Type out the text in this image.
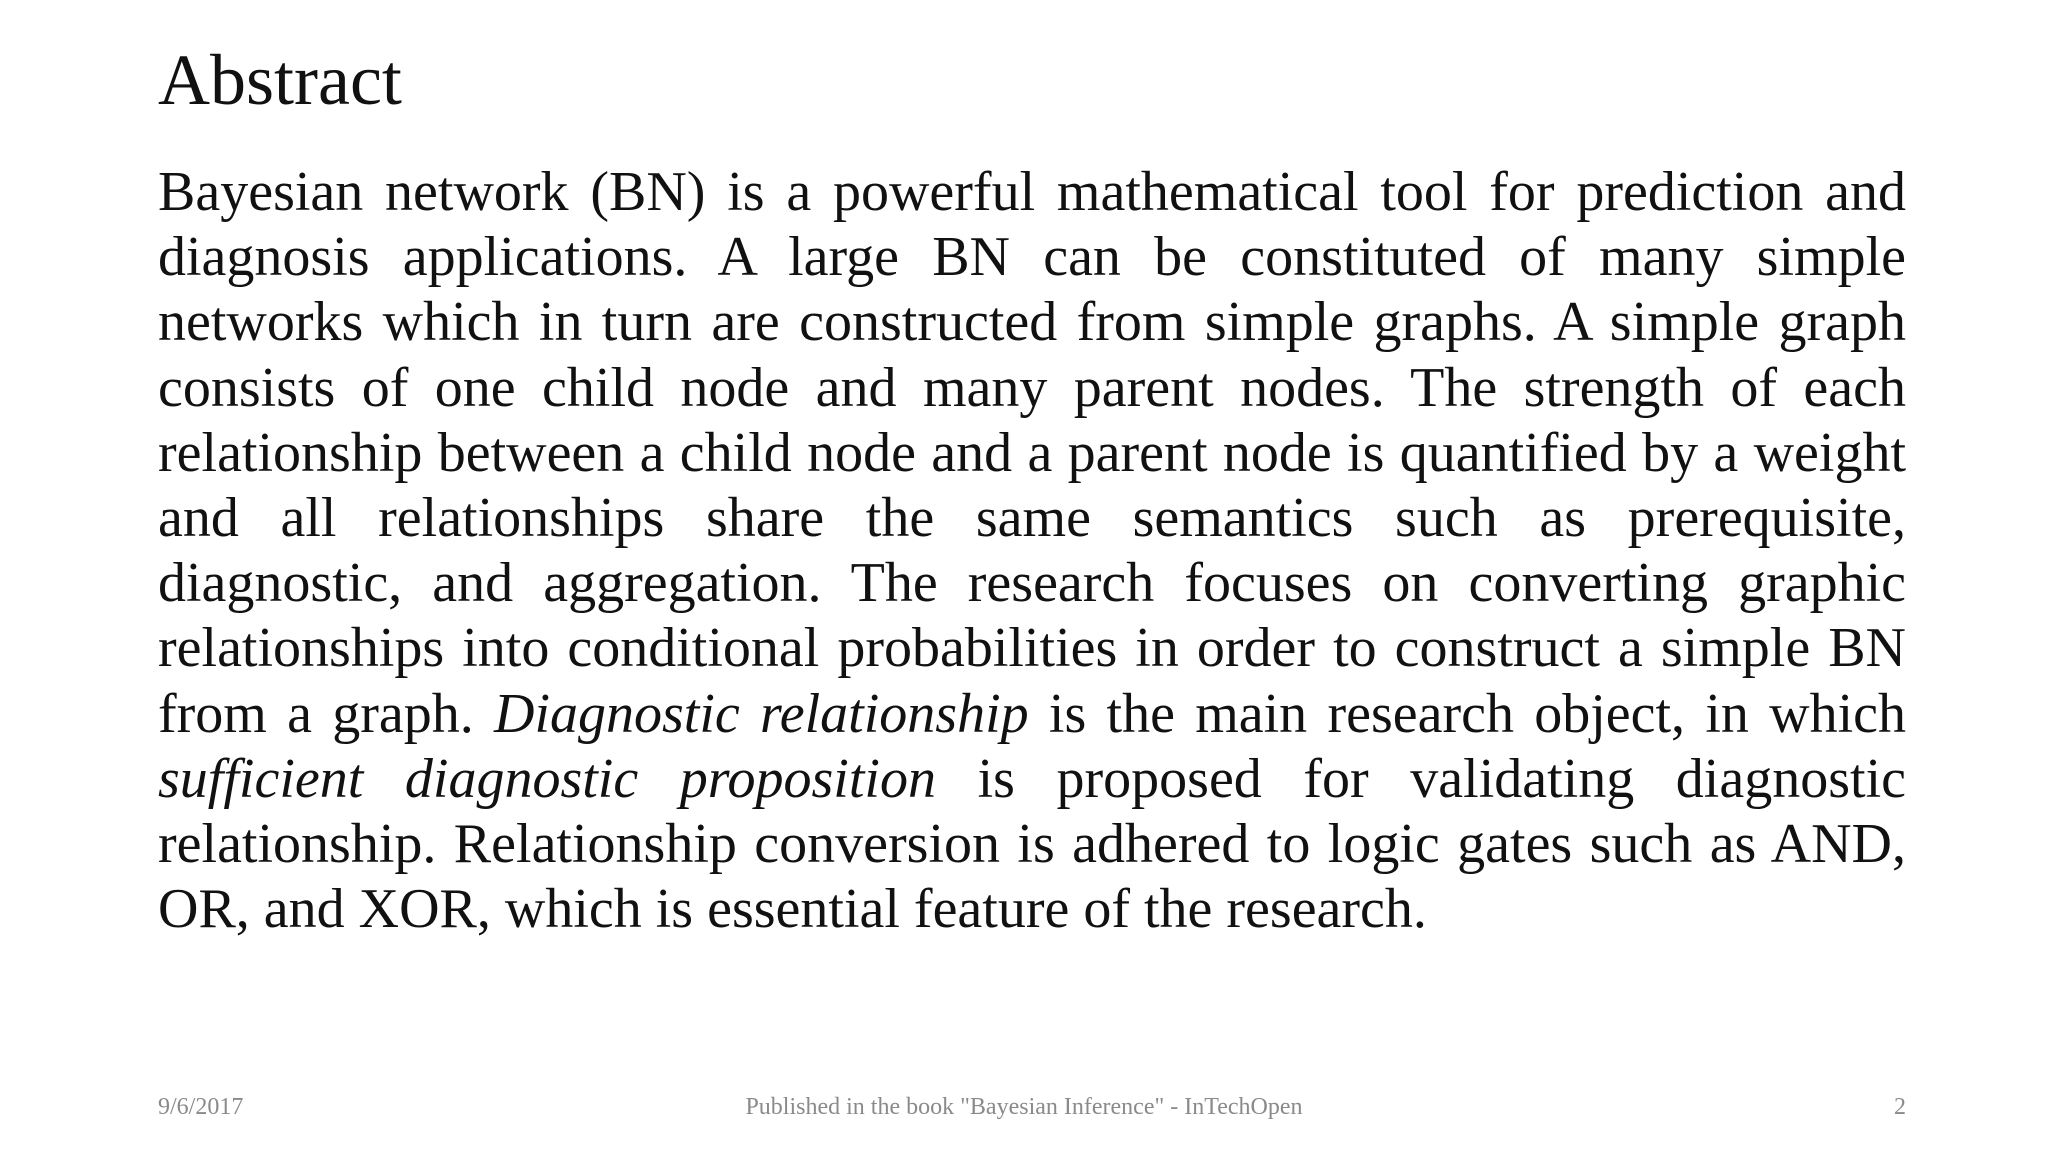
Abstract

Bayesian network (BN) is a powerful mathematical tool for prediction and diagnosis applications. A large BN can be constituted of many simple networks which in turn are constructed from simple graphs. A simple graph consists of one child node and many parent nodes. The strength of each relationship between a child node and a parent node is quantified by a weight and all relationships share the same semantics such as prerequisite, diagnostic, and aggregation. The research focuses on converting graphic relationships into conditional probabilities in order to construct a simple BN from a graph. Diagnostic relationship is the main research object, in which sufficient diagnostic proposition is proposed for validating diagnostic relationship. Relationship conversion is adhered to logic gates such as AND, OR, and XOR, which is essential feature of the research.

9/6/2017	Published in the book "Bayesian Inference" - InTechOpen	2
